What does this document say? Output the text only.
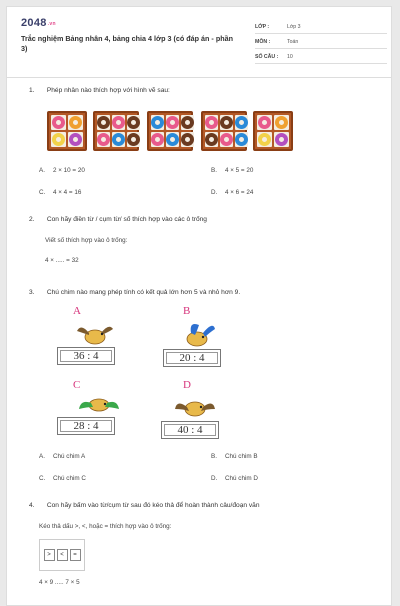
2048.vn
Trắc nghiệm Bảng nhân 4, bảng chia 4 lớp 3 (có đáp án - phần 3)
LỚP :	Lớp 3
MÔN :	Toán
SỐ CÂU :	10
1. Phép nhân nào thích hợp với hình vẽ sau:
A. 2 × 10 = 20	B. 4 × 5 = 20
C. 4 × 4 = 16	D. 4 × 6 = 24
2. Con hãy điền từ / cụm từ/ số thích hợp vào các ô trống
Viết số thích hợp vào ô trống:
4 × ..... = 32
3. Chú chim nào mang phép tính có kết quả lớn hơn 5 và nhỏ hơn 9.
A
36 : 4
B
20 : 4
C
28 : 4
D
40 : 4
A. Chú chim A	B. Chú chim B
C. Chú chim C	D. Chú chim D
4. Con hãy bấm vào từ/cụm từ sau đó kéo thả để hoàn thành câu/đoạn văn
Kéo thả dấu >, <, hoặc = thích hợp vào ô trống:
>	<	=
4 × 9 ..... 7 × 5
